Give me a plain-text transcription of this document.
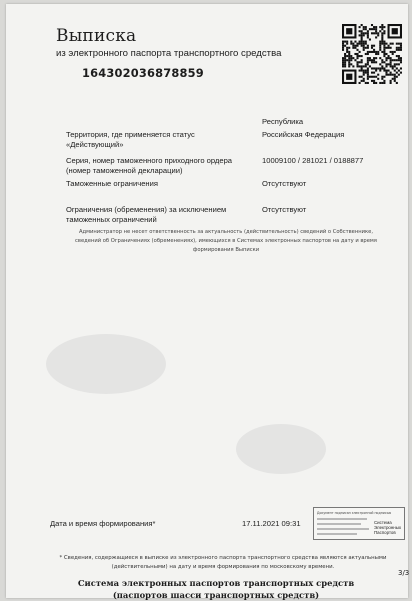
Выписка
из электронного паспорта транспортного средства
164302036878859
Республика
Территория, где применяется статус «Действующий»
Российская Федерация
Серия, номер таможенного приходного ордера (номер таможенной декларации)
10009100 / 281021 / 0188877
Таможенные ограничения	Отсутствуют
Ограничения (обременения) за исключением таможенных ограничений
Отсутствуют
Администратор не несет ответственность за актуальность (действительность) сведений о Собственнике, сведений об Ограничениях (обременениях), имеющихся в Системах электронных паспортов на дату и время формирования Выписки
Дата и время формирования*	17.11.2021 09:31
Документ подписан электронной подписью
Система Электронных Паспортов
* Сведения, содержащиеся в выписке из электронного паспорта транспортного средства являются актуальными (действительными) на дату и время формирования по московскому времени.
Система электронных паспортов транспортных средств
(паспортов шасси транспортных средств)
3/3
